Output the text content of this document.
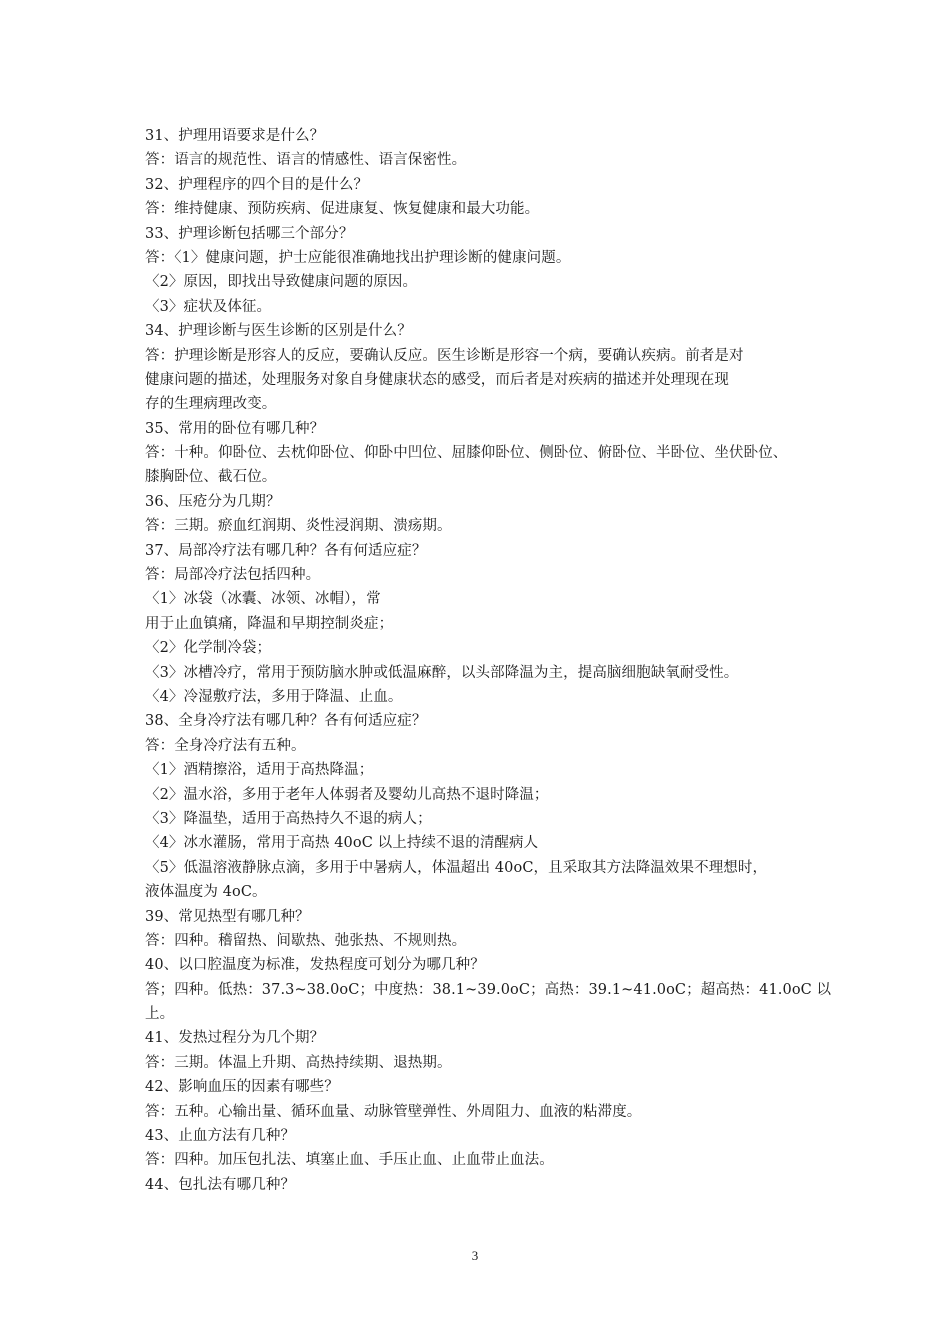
31、护理用语要求是什么？
答：语言的规范性、语言的情感性、语言保密性。
32、护理程序的四个目的是什么？
答：维持健康、预防疾病、促进康复、恢复健康和最大功能。
33、护理诊断包括哪三个部分？
答：〈1〉健康问题，护士应能很准确地找出护理诊断的健康问题。
〈2〉原因，即找出导致健康问题的原因。
〈3〉症状及体征。
34、护理诊断与医生诊断的区别是什么？
答：护理诊断是形容人的反应，要确认反应。医生诊断是形容一个病，要确认疾病。前者是对
健康问题的描述，处理服务对象自身健康状态的感受，而后者是对疾病的描述并处理现在现
存的生理病理改变。
35、常用的卧位有哪几种？
答：十种。仰卧位、去枕仰卧位、仰卧中凹位、屈膝仰卧位、侧卧位、俯卧位、半卧位、坐伏卧位、
膝胸卧位、截石位。
36、压疮分为几期？
答：三期。瘀血红润期、炎性浸润期、溃疡期。
37、局部冷疗法有哪几种？各有何适应症？
答：局部冷疗法包括四种。
〈1〉冰袋（冰囊、冰领、冰帽），常
用于止血镇痛，降温和早期控制炎症；
〈2〉化学制冷袋；
〈3〉冰槽冷疗，常用于预防脑水肿或低温麻醉，以头部降温为主，提高脑细胞缺氧耐受性。
〈4〉冷湿敷疗法，多用于降温、止血。
38、全身冷疗法有哪几种？各有何适应症？
答：全身冷疗法有五种。
〈1〉酒精擦浴，适用于高热降温；
〈2〉温水浴，多用于老年人体弱者及婴幼儿高热不退时降温；
〈3〉降温垫，适用于高热持久不退的病人；
〈4〉冰水灌肠，常用于高热 40oC 以上持续不退的清醒病人
〈5〉低温溶液静脉点滴，多用于中暑病人，体温超出 40oC，且采取其方法降温效果不理想时，
液体温度为 4oC。
39、常见热型有哪几种？
答：四种。稽留热、间歇热、弛张热、不规则热。
40、以口腔温度为标准，发热程度可划分为哪几种？
答；四种。低热：37.3~38.0oC；中度热：38.1~39.0oC；高热：39.1~41.0oC；超高热：41.0oC 以
上。
41、发热过程分为几个期？
答：三期。体温上升期、高热持续期、退热期。
42、影响血压的因素有哪些？
答：五种。心输出量、循环血量、动脉管壁弹性、外周阻力、血液的粘滞度。
43、止血方法有几种？
答：四种。加压包扎法、填塞止血、手压止血、止血带止血法。
44、包扎法有哪几种？
3
